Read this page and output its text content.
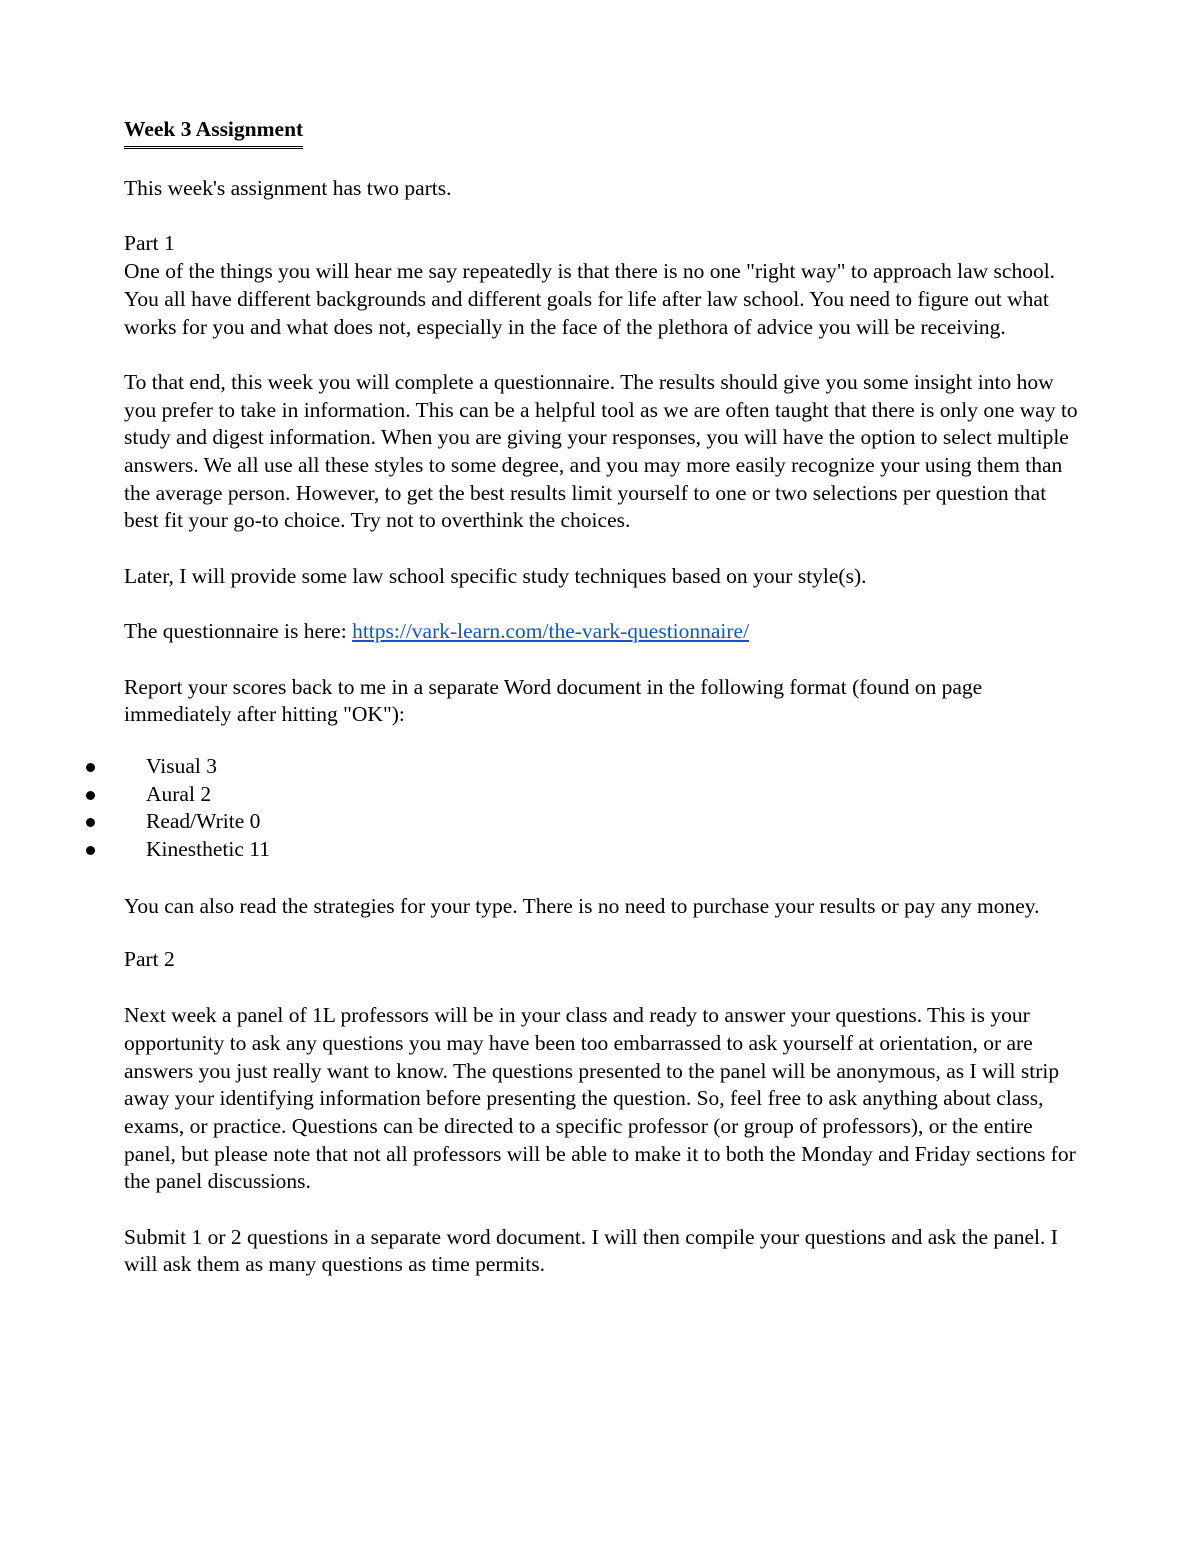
Week 3 Assignment

This week's assignment has two parts.

Part 1

One of the things you will hear me say repeatedly is that there is no one "right way" to approach law school. You all have different backgrounds and different goals for life after law school. You need to figure out what works for you and what does not, especially in the face of the plethora of advice you will be receiving.

To that end, this week you will complete a questionnaire. The results should give you some insight into how you prefer to take in information. This can be a helpful tool as we are often taught that there is only one way to study and digest information. When you are giving your responses, you will have the option to select multiple answers. We all use all these styles to some degree, and you may more easily recognize your using them than the average person. However, to get the best results limit yourself to one or two selections per question that best fit your go-to choice. Try not to overthink the choices.

Later, I will provide some law school specific study techniques based on your style(s).

The questionnaire is here: https://vark-learn.com/the-vark-questionnaire/

Report your scores back to me in a separate Word document in the following format (found on page immediately after hitting "OK"):

Visual 3
Aural 2
Read/Write 0
Kinesthetic 11

You can also read the strategies for your type. There is no need to purchase your results or pay any money.

Part 2

Next week a panel of 1L professors will be in your class and ready to answer your questions. This is your opportunity to ask any questions you may have been too embarrassed to ask yourself at orientation, or are answers you just really want to know. The questions presented to the panel will be anonymous, as I will strip away your identifying information before presenting the question. So, feel free to ask anything about class, exams, or practice. Questions can be directed to a specific professor (or group of professors), or the entire panel, but please note that not all professors will be able to make it to both the Monday and Friday sections for the panel discussions.

Submit 1 or 2 questions in a separate word document. I will then compile your questions and ask the panel. I will ask them as many questions as time permits.
